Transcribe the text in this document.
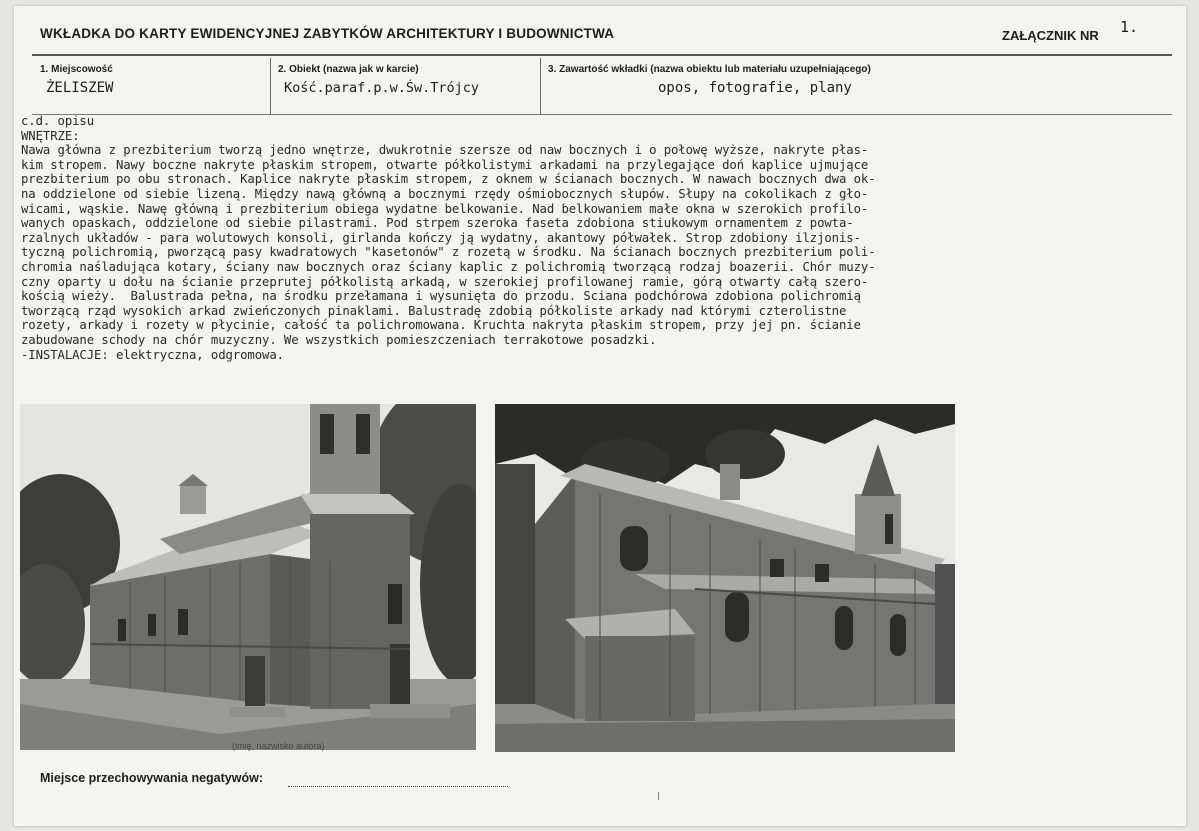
WKŁADKA DO KARTY EWIDENCYJNEJ ZABYTKÓW ARCHITEKTURY I BUDOWNICTWA	ZAŁĄCZNIK NR 1.
1. Miejscowość
ŻELISZEW
2. Obiekt (nazwa jak w karcie)
Kość.paraf.p.w.Św.Trójcy
3. Zawartość wkładki (nazwa obiektu lub materiału uzupełniającego)
opos, fotografie, plany
c.d. opisu
WNĘTRZE:
Nawa główna z prezbiterium tworzą jedno wnętrze, dwukrotnie szersze od naw bocznych i o połowę wyższe, nakryte płas-
kim stropem. Nawy boczne nakryte płaskim stropem, otwarte półkolistymi arkadami na przylegające doń kaplice ujmujące
prezbiterium po obu stronach. Kaplice nakryte płaskim stropem, z oknem w ścianach bocznych. W nawach bocznych dwa ok-
na oddzielone od siebie lizeną. Między nawą główną a bocznymi rzędy ośmiobocznych słupów. Słupy na cokolikach z gło-
wicami, wąskie. Nawę główną i prezbiterium obiega wydatne belkowanie. Nad belkowaniem małe okna w szerokich profilo-
wanych opaskach, oddzielone od siebie pilastrami. Pod strpem szeroka faseta zdobiona stiukowym ornamentem z powta-
rzalnych układów - para wolutowych konsoli, girlanda kończy ją wydatny, akantowy półwałek. Strop zdobiony ilzjonis-
tyczną polichromią, pworzącą pasy kwadratowych "kasetonów" z rozetą w środku. Na ścianach bocznych prezbiterium poli-
chromia naśladująca kotary, ściany naw bocznych oraz ściany kaplic z polichromią tworzącą rodzaj boazerii. Chór muzy-
czny oparty u dołu na ścianie przeprutej półkolistą arkadą, w szerokiej profilowanej ramie, górą otwarty całą szero-
kością wieży.  Balustrada pełna, na środku przełamana i wysunięta do przodu. Sciana podchórowa zdobiona polichromią
tworzącą rząd wysokich arkad zwieńczonych pinaklami. Balustradę zdobią półkoliste arkady nad którymi czterolistne
rozety, arkady i rozety w płycinie, całość ta polichromowana. Kruchta nakryta płaskim stropem, przy jej pn. ścianie
zabudowane schody na chór muzyczny. We wszystkich pomieszczeniach terrakotowe posadzki.
-INSTALACJE: elektryczna, odgromowa.
(imię, nazwisko autora)
Miejsce przechowywania negatywów:
